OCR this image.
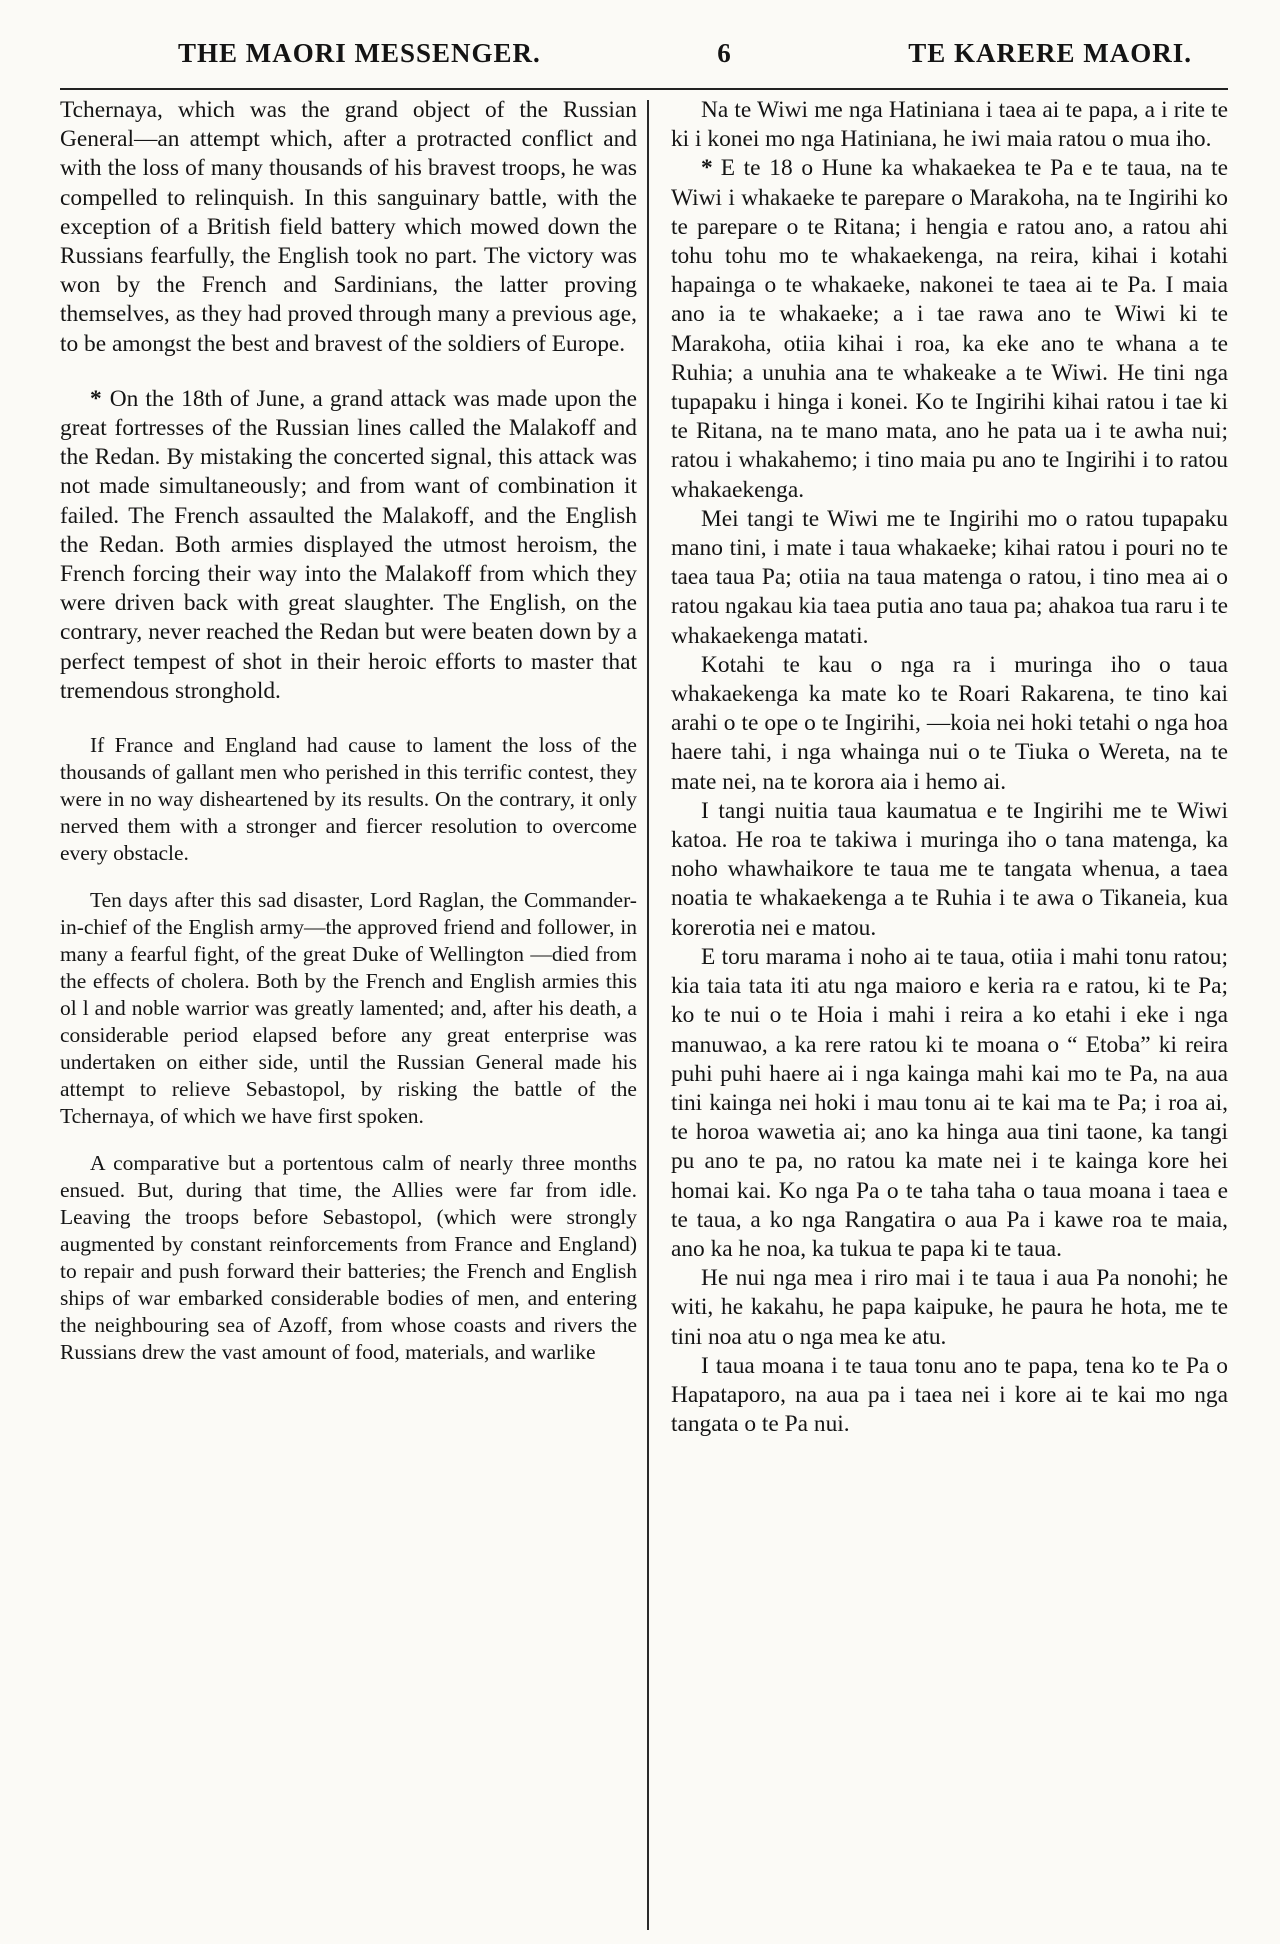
THE MAORI MESSENGER.	6	TE KARERE MAORI.

Tchernaya, which was the grand object of the Russian General—an attempt which, after a protracted conflict and with the loss of many thousands of his bravest troops, he was compelled to relinquish. In this sanguinary battle, with the exception of a British field battery which mowed down the Russians fearfully, the English took no part. The victory was won by the French and Sardinians, the latter proving themselves, as they had proved through many a previous age, to be amongst the best and bravest of the soldiers of Europe.

* On the 18th of June, a grand attack was made upon the great fortresses of the Russian lines called the Malakoff and the Redan. By mistaking the concerted signal, this attack was not made simultaneously; and from want of combination it failed. The French assaulted the Malakoff, and the English the Redan. Both armies displayed the utmost heroism, the French forcing their way into the Malakoff from which they were driven back with great slaughter. The English, on the contrary, never reached the Redan but were beaten down by a perfect tempest of shot in their heroic efforts to master that tremendous stronghold.

If France and England had cause to lament the loss of the thousands of gallant men who perished in this terrific contest, they were in no way disheartened by its results. On the contrary, it only nerved them with a stronger and fiercer resolution to overcome every obstacle.

Ten days after this sad disaster, Lord Raglan, the Commander-in-chief of the English army—the approved friend and follower, in many a fearful fight, of the great Duke of Wellington —died from the effects of cholera. Both by the French and English armies this ol l and noble warrior was greatly lamented; and, after his death, a considerable period elapsed before any great enterprise was undertaken on either side, until the Russian General made his attempt to relieve Sebastopol, by risking the battle of the Tchernaya, of which we have first spoken.

A comparative but a portentous calm of nearly three months ensued. But, during that time, the Allies were far from idle. Leaving the troops before Sebastopol, (which were strongly augmented by constant reinforcements from France and England) to repair and push forward their batteries; the French and English ships of war embarked considerable bodies of men, and entering the neighbouring sea of Azoff, from whose coasts and rivers the Russians drew the vast amount of food, materials, and warlike

Na te Wiwi me nga Hatiniana i taea ai te papa, a i rite te ki i konei mo nga Hatiniana, he iwi maia ratou o mua iho.

* E te 18 o Hune ka whakaekea te Pa e te taua, na te Wiwi i whakaeke te parepare o Marakoha, na te Ingirihi ko te parepare o te Ritana; i hengia e ratou ano, a ratou ahi tohu tohu mo te whakaekenga, na reira, kihai i kotahi hapainga o te whakaeke, nakonei te taea ai te Pa. I maia ano ia te whakaeke; a i tae rawa ano te Wiwi ki te Marakoha, otiia kihai i roa, ka eke ano te whana a te Ruhia; a unuhia ana te whakeake a te Wiwi. He tini nga tupapaku i hinga i konei. Ko te Ingirihi kihai ratou i tae ki te Ritana, na te mano mata, ano he pata ua i te awha nui; ratou i whakahemo; i tino maia pu ano te Ingirihi i to ratou whakaekenga.

Mei tangi te Wiwi me te Ingirihi mo o ratou tupapaku mano tini, i mate i taua whakaeke; kihai ratou i pouri no te taea taua Pa; otiia na taua matenga o ratou, i tino mea ai o ratou ngakau kia taea putia ano taua pa; ahakoa tua raru i te whakaekenga matati.

Kotahi te kau o nga ra i muringa iho o taua whakaekenga ka mate ko te Roari Rakarena, te tino kai arahi o te ope o te Ingirihi, —koia nei hoki tetahi o nga hoa haere tahi, i nga whainga nui o te Tiuka o Wereta, na te mate nei, na te korora aia i hemo ai.

I tangi nuitia taua kaumatua e te Ingirihi me te Wiwi katoa. He roa te takiwa i muringa iho o tana matenga, ka noho whawhaikore te taua me te tangata whenua, a taea noatia te whakaekenga a te Ruhia i te awa o Tikaneia, kua korerotia nei e matou.

E toru marama i noho ai te taua, otiia i mahi tonu ratou; kia taia tata iti atu nga maioro e keria ra e ratou, ki te Pa; ko te nui o te Hoia i mahi i reira a ko etahi i eke i nga manuwao, a ka rere ratou ki te moana o “ Etoba” ki reira puhi puhi haere ai i nga kainga mahi kai mo te Pa, na aua tini kainga nei hoki i mau tonu ai te kai ma te Pa; i roa ai, te horoa wawetia ai; ano ka hinga aua tini taone, ka tangi pu ano te pa, no ratou ka mate nei i te kainga kore hei homai kai. Ko nga Pa o te taha taha o taua moana i taea e te taua, a ko nga Rangatira o aua Pa i kawe roa te maia, ano ka he noa, ka tukua te papa ki te taua.

He nui nga mea i riro mai i te taua i aua Pa nonohi; he witi, he kakahu, he papa kaipuke, he paura he hota, me te tini noa atu o nga mea ke atu.

I taua moana i te taua tonu ano te papa, tena ko te Pa o Hapataporo, na aua pa i taea nei i kore ai te kai mo nga tangata o te Pa nui.
